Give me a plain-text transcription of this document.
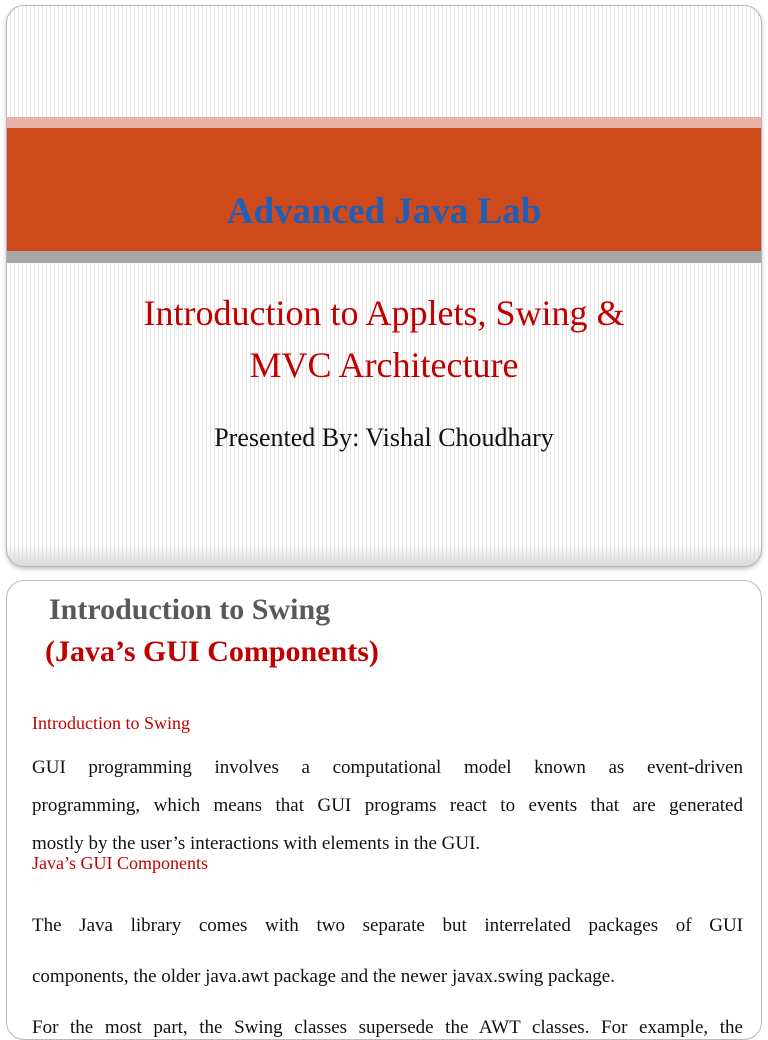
Advanced Java Lab
Introduction to Applets, Swing &
MVC Architecture

Presented By: Vishal Choudhary

Introduction to Swing
(Java’s GUI Components)

Introduction to Swing

GUI programming involves a computational model known as event-driven
programming, which means that GUI programs react to events that are generated
mostly by the user’s interactions with elements in the GUI.

Java’s GUI Components

The Java library comes with two separate but interrelated packages of GUI
components, the older java.awt package and the newer javax.swing package.
For the most part, the Swing classes supersede the AWT classes. For example, the
